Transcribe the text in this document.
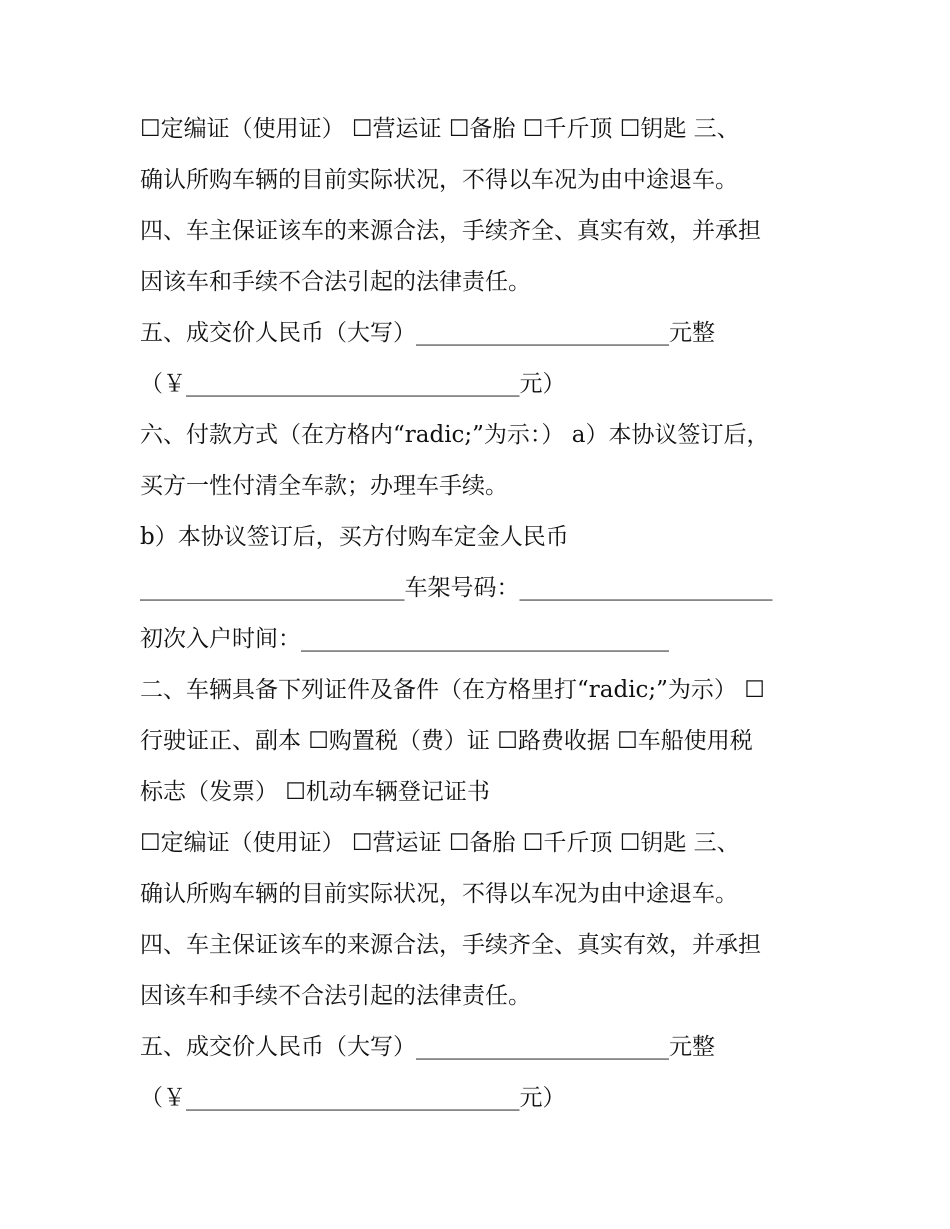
☐定编证（使用证） ☐营运证 ☐备胎 ☐千斤顶 ☐钥匙 三、
确认所购车辆的目前实际状况，不得以车况为由中途退车。
四、车主保证该车的来源合法，手续齐全、真实有效，并承担
因该车和手续不合法引起的法律责任。
五、成交价人民币（大写）______________________元整
（￥_____________________________元）
六、付款方式（在方格内“radic;”为示：） a）本协议签订后，
买方一性付清全车款；办理车手续。
b）本协议签订后，买方付购车定金人民币
_______________________车架号码：______________________
初次入户时间：________________________________
二、车辆具备下列证件及备件（在方格里打“radic;”为示） ☐
行驶证正、副本 ☐购置税（费）证 ☐路费收据 ☐车船使用税
标志（发票） ☐机动车辆登记证书
☐定编证（使用证） ☐营运证 ☐备胎 ☐千斤顶 ☐钥匙 三、
确认所购车辆的目前实际状况，不得以车况为由中途退车。
四、车主保证该车的来源合法，手续齐全、真实有效，并承担
因该车和手续不合法引起的法律责任。
五、成交价人民币（大写）______________________元整
（￥_____________________________元）
